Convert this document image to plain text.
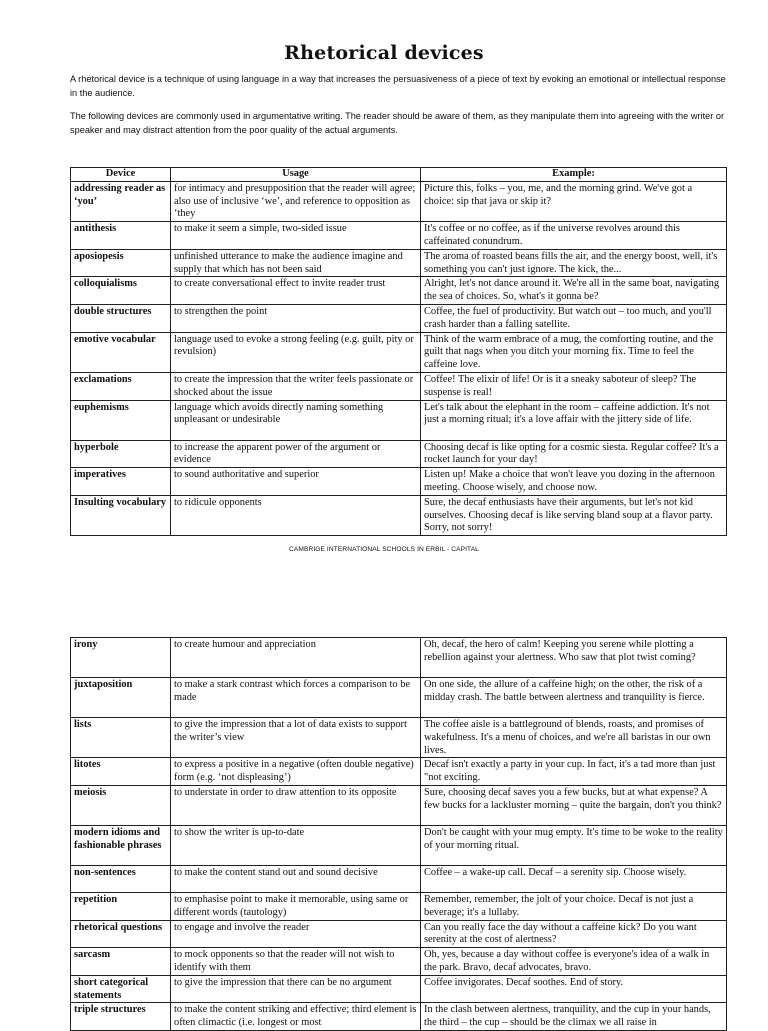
Rhetorical devices
A rhetorical device is a technique of using language in a way that increases the persuasiveness of a piece of text by evoking an emotional or intellectual response in the audience.
The following devices are commonly used in argumentative writing. The reader should be aware of them, as they manipulate them into agreeing with the writer or speaker and may distract attention from the poor quality of the actual arguments.
Device	Usage	Example:
addressing reader as ‘you’	for intimacy and presupposition that the reader will agree; also use of inclusive ‘we’, and reference to opposition as ‘they	Picture this, folks – you, me, and the morning grind. We've got a choice: sip that java or skip it?
antithesis	to make it seem a simple, two-sided issue	It's coffee or no coffee, as if the universe revolves around this caffeinated conundrum.
aposiopesis	unfinished utterance to make the audience imagine and supply that which has not been said	The aroma of roasted beans fills the air, and the energy boost, well, it's something you can't just ignore. The kick, the...
colloquialisms	to create conversational effect to invite reader trust	Alright, let's not dance around it. We're all in the same boat, navigating the sea of choices. So, what's it gonna be?
double structures	to strengthen the point	Coffee, the fuel of productivity. But watch out – too much, and you'll crash harder than a falling satellite.
emotive vocabular	language used to evoke a strong feeling (e.g. guilt, pity or revulsion)	Think of the warm embrace of a mug, the comforting routine, and the guilt that nags when you ditch your morning fix. Time to feel the caffeine love.
exclamations	to create the impression that the writer feels passionate or shocked about the issue	Coffee! The elixir of life! Or is it a sneaky saboteur of sleep? The suspense is real!
euphemisms	language which avoids directly naming something unpleasant or undesirable	Let's talk about the elephant in the room – caffeine addiction. It's not just a morning ritual; it's a love affair with the jittery side of life.
hyperbole	to increase the apparent power of the argument or evidence	Choosing decaf is like opting for a cosmic siesta. Regular coffee? It's a rocket launch for your day!
imperatives	to sound authoritative and superior	Listen up! Make a choice that won't leave you dozing in the afternoon meeting. Choose wisely, and choose now.
Insulting vocabulary	to ridicule opponents	Sure, the decaf enthusiasts have their arguments, but let's not kid ourselves. Choosing decaf is like serving bland soup at a flavor party. Sorry, not sorry!
CAMBRIGE INTERNATIONAL SCHOOLS IN ERBIL - CAPITAL
irony	to create humour and appreciation	Oh, decaf, the hero of calm! Keeping you serene while plotting a rebellion against your alertness. Who saw that plot twist coming?
juxtaposition	to make a stark contrast which forces a comparison to be made	On one side, the allure of a caffeine high; on the other, the risk of a midday crash. The battle between alertness and tranquility is fierce.
lists	to give the impression that a lot of data exists to support the writer’s view	The coffee aisle is a battleground of blends, roasts, and promises of wakefulness. It's a menu of choices, and we're all baristas in our own lives.
litotes	to express a positive in a negative (often double negative) form (e.g. ‘not displeasing’)	Decaf isn't exactly a party in your cup. In fact, it's a tad more than just "not exciting.
meiosis	to understate in order to draw attention to its opposite	Sure, choosing decaf saves you a few bucks, but at what expense? A few bucks for a lackluster morning – quite the bargain, don't you think?
modern idioms and fashionable phrases	to show the writer is up-to-date	Don't be caught with your mug empty. It's time to be woke to the reality of your morning ritual.
non-sentences	to make the content stand out and sound decisive	Coffee – a wake-up call. Decaf – a serenity sip. Choose wisely.
repetition	to emphasise point to make it memorable, using same or different words (tautology)	Remember, remember, the jolt of your choice. Decaf is not just a beverage; it's a lullaby.
rhetorical questions	to engage and involve the reader	Can you really face the day without a caffeine kick? Do you want serenity at the cost of alertness?
sarcasm	to mock opponents so that the reader will not wish to identify with them	Oh, yes, because a day without coffee is everyone's idea of a walk in the park. Bravo, decaf advocates, bravo.
short categorical statements	to give the impression that there can be no argument	Coffee invigorates. Decaf soothes. End of story.
triple structures	to make the content striking and effective; third element is often climactic (i.e. longest or most	In the clash between alertness, tranquility, and the cup in your hands, the third – the cup – should be the climax we all raise in
